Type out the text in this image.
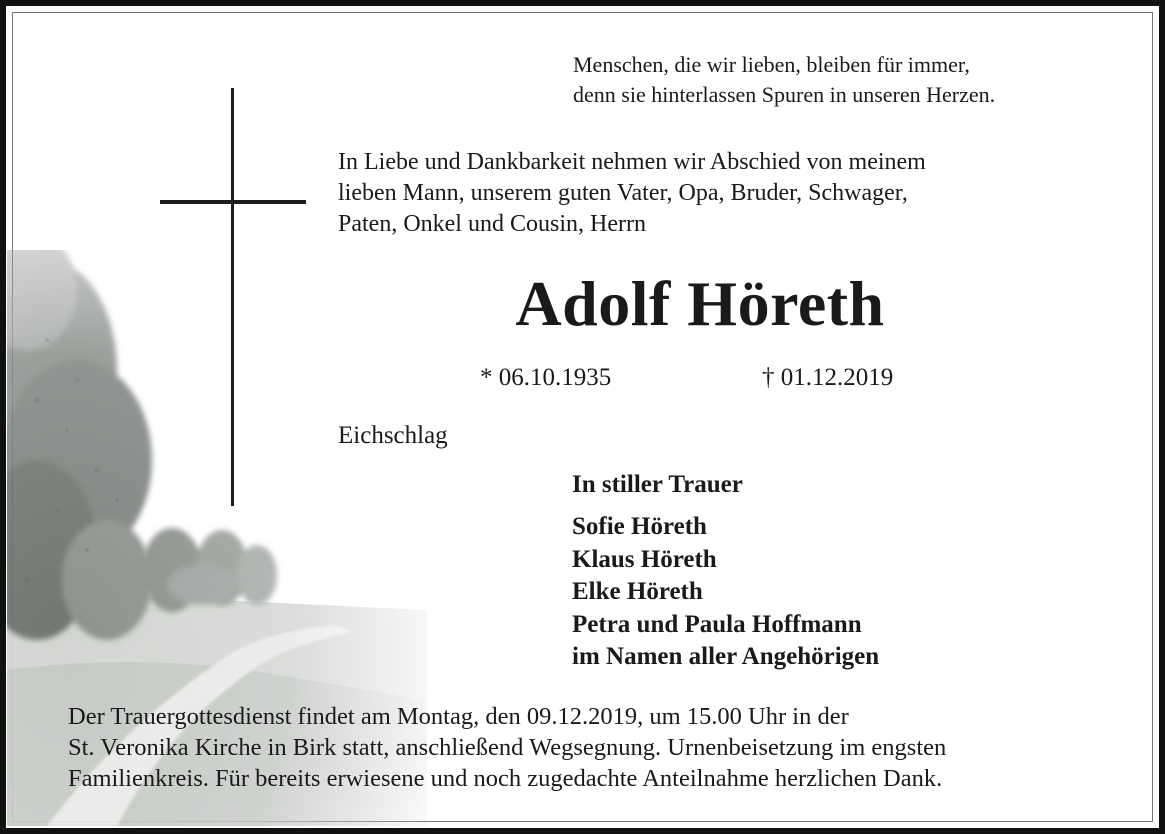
Menschen, die wir lieben, bleiben für immer,
denn sie hinterlassen Spuren in unseren Herzen.

In Liebe und Dankbarkeit nehmen wir Abschied von meinem
lieben Mann, unserem guten Vater, Opa, Bruder, Schwager,
Paten, Onkel und Cousin, Herrn

Adolf Höreth

* 06.10.1935	† 01.12.2019

Eichschlag

In stiller Trauer

Sofie Höreth
Klaus Höreth
Elke Höreth
Petra und Paula Hoffmann
im Namen aller Angehörigen

Der Trauergottesdienst findet am Montag, den 09.12.2019, um 15.00 Uhr in der
St. Veronika Kirche in Birk statt, anschließend Wegsegnung. Urnenbeisetzung im engsten
Familienkreis. Für bereits erwiesene und noch zugedachte Anteilnahme herzlichen Dank.
